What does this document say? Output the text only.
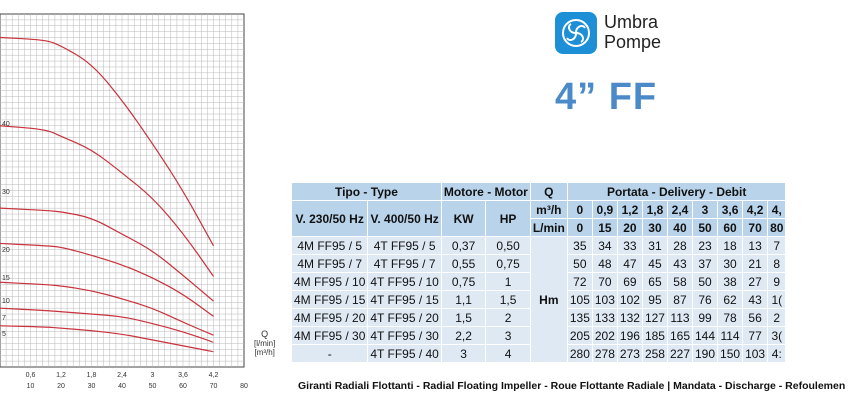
40
30
20
15
10
7
5
0,6	1,2	1,8	2,4	3	3,6	4,2
10	20	30	40	50	60	70	80
Umbra
Pompe
4” FF
Q
[l/min]
[m³/h]
Tipo - Type		Motore - Motor		Q	Portata - Delivery - Debit								
V. 230/50 Hz	V. 400/50 Hz	KW	HP	m³/h	0	0,9	1,2	1,8	2,4	3	3,6	4,2	4,
				L/min	0	15	20	30	40	50	60	70	80
4M FF95 / 5	4T FF95 / 5	0,37	0,50	Hm	35	34	33	31	28	23	18	13	7
4M FF95 / 7	4T FF95 / 7	0,55	0,75		50	48	47	45	43	37	30	21	8
4M FF95 / 10	4T FF95 / 10	0,75	1		72	70	69	65	58	50	38	27	9
4M FF95 / 15	4T FF95 / 15	1,1	1,5		105	103	102	95	87	76	62	43	1(
4M FF95 / 20	4T FF95 / 20	1,5	2		135	133	132	127	113	99	78	56	2
4M FF95 / 30	4T FF95 / 30	2,2	3		205	202	196	185	165	144	114	77	3(
-	4T FF95 / 40	3	4		280	278	273	258	227	190	150	103	4:
Giranti Radiali Flottanti - Radial Floating Impeller - Roue Flottante Radiale | Mandata - Discharge - Refoulemen
